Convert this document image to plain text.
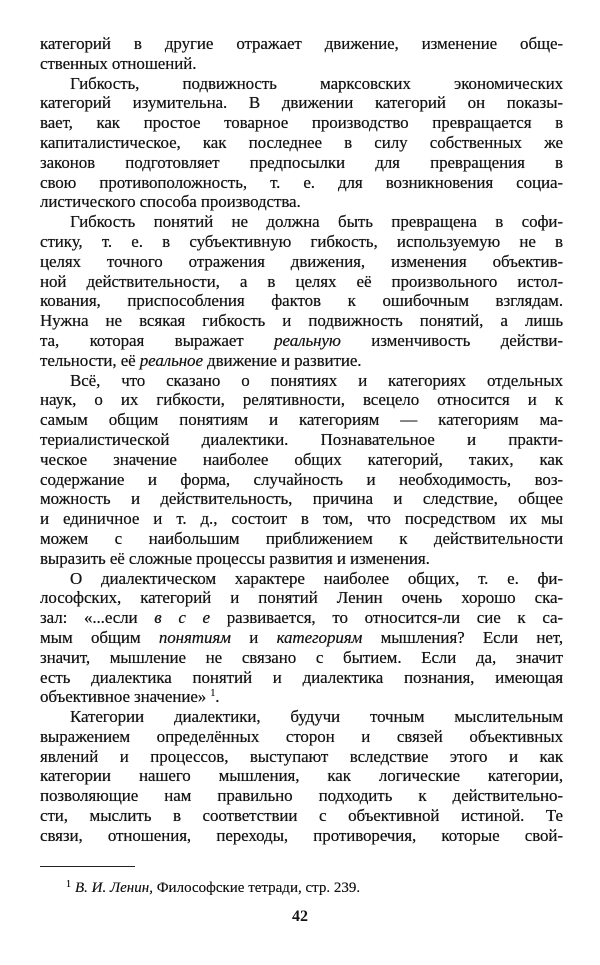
категорий в другие отражает движение, изменение обще-
ственных отношений.
Гибкость, подвижность марксовских экономических
категорий изумительна. В движении категорий он показы-
вает, как простое товарное производство превращается в
капиталистическое, как последнее в силу собственных же
законов подготовляет предпосылки для превращения в
свою противоположность, т. е. для возникновения социа-
листического способа производства.
Гибкость понятий не должна быть превращена в софи-
стику, т. е. в субъективную гибкость, используемую не в
целях точного отражения движения, изменения объектив-
ной действительности, а в целях её произвольного истол-
кования, приспособления фактов к ошибочным взглядам.
Нужна не всякая гибкость и подвижность понятий, а лишь
та, которая выражает реальную изменчивость действи-
тельности, её реальное движение и развитие.
Всё, что сказано о понятиях и категориях отдельных
наук, о их гибкости, релятивности, всецело относится и к
самым общим понятиям и категориям — категориям ма-
териалистической диалектики. Познавательное и практи-
ческое значение наиболее общих категорий, таких, как
содержание и форма, случайность и необходимость, воз-
можность и действительность, причина и следствие, общее
и единичное и т. д., состоит в том, что посредством их мы
можем с наибольшим приближением к действительности
выразить её сложные процессы развития и изменения.
О диалектическом характере наиболее общих, т. е. фи-
лософских, категорий и понятий Ленин очень хорошо ска-
зал: «...если в с е развивается, то относится-ли сие к са-
мым общим понятиям и категориям мышления? Если нет,
значит, мышление не связано с бытием. Если да, значит
есть диалектика понятий и диалектика познания, имеющая
объективное значение» $^1$.
Категории диалектики, будучи точным мыслительным
выражением определённых сторон и связей объективных
явлений и процессов, выступают вследствие этого и как
категории нашего мышления, как логические категории,
позволяющие нам правильно подходить к действительно-
сти, мыслить в соответствии с объективной истиной. Те
связи, отношения, переходы, противоречия, которые свой-
$^1$ В. И. Ленин, Философские тетради, стр. 239.
42
